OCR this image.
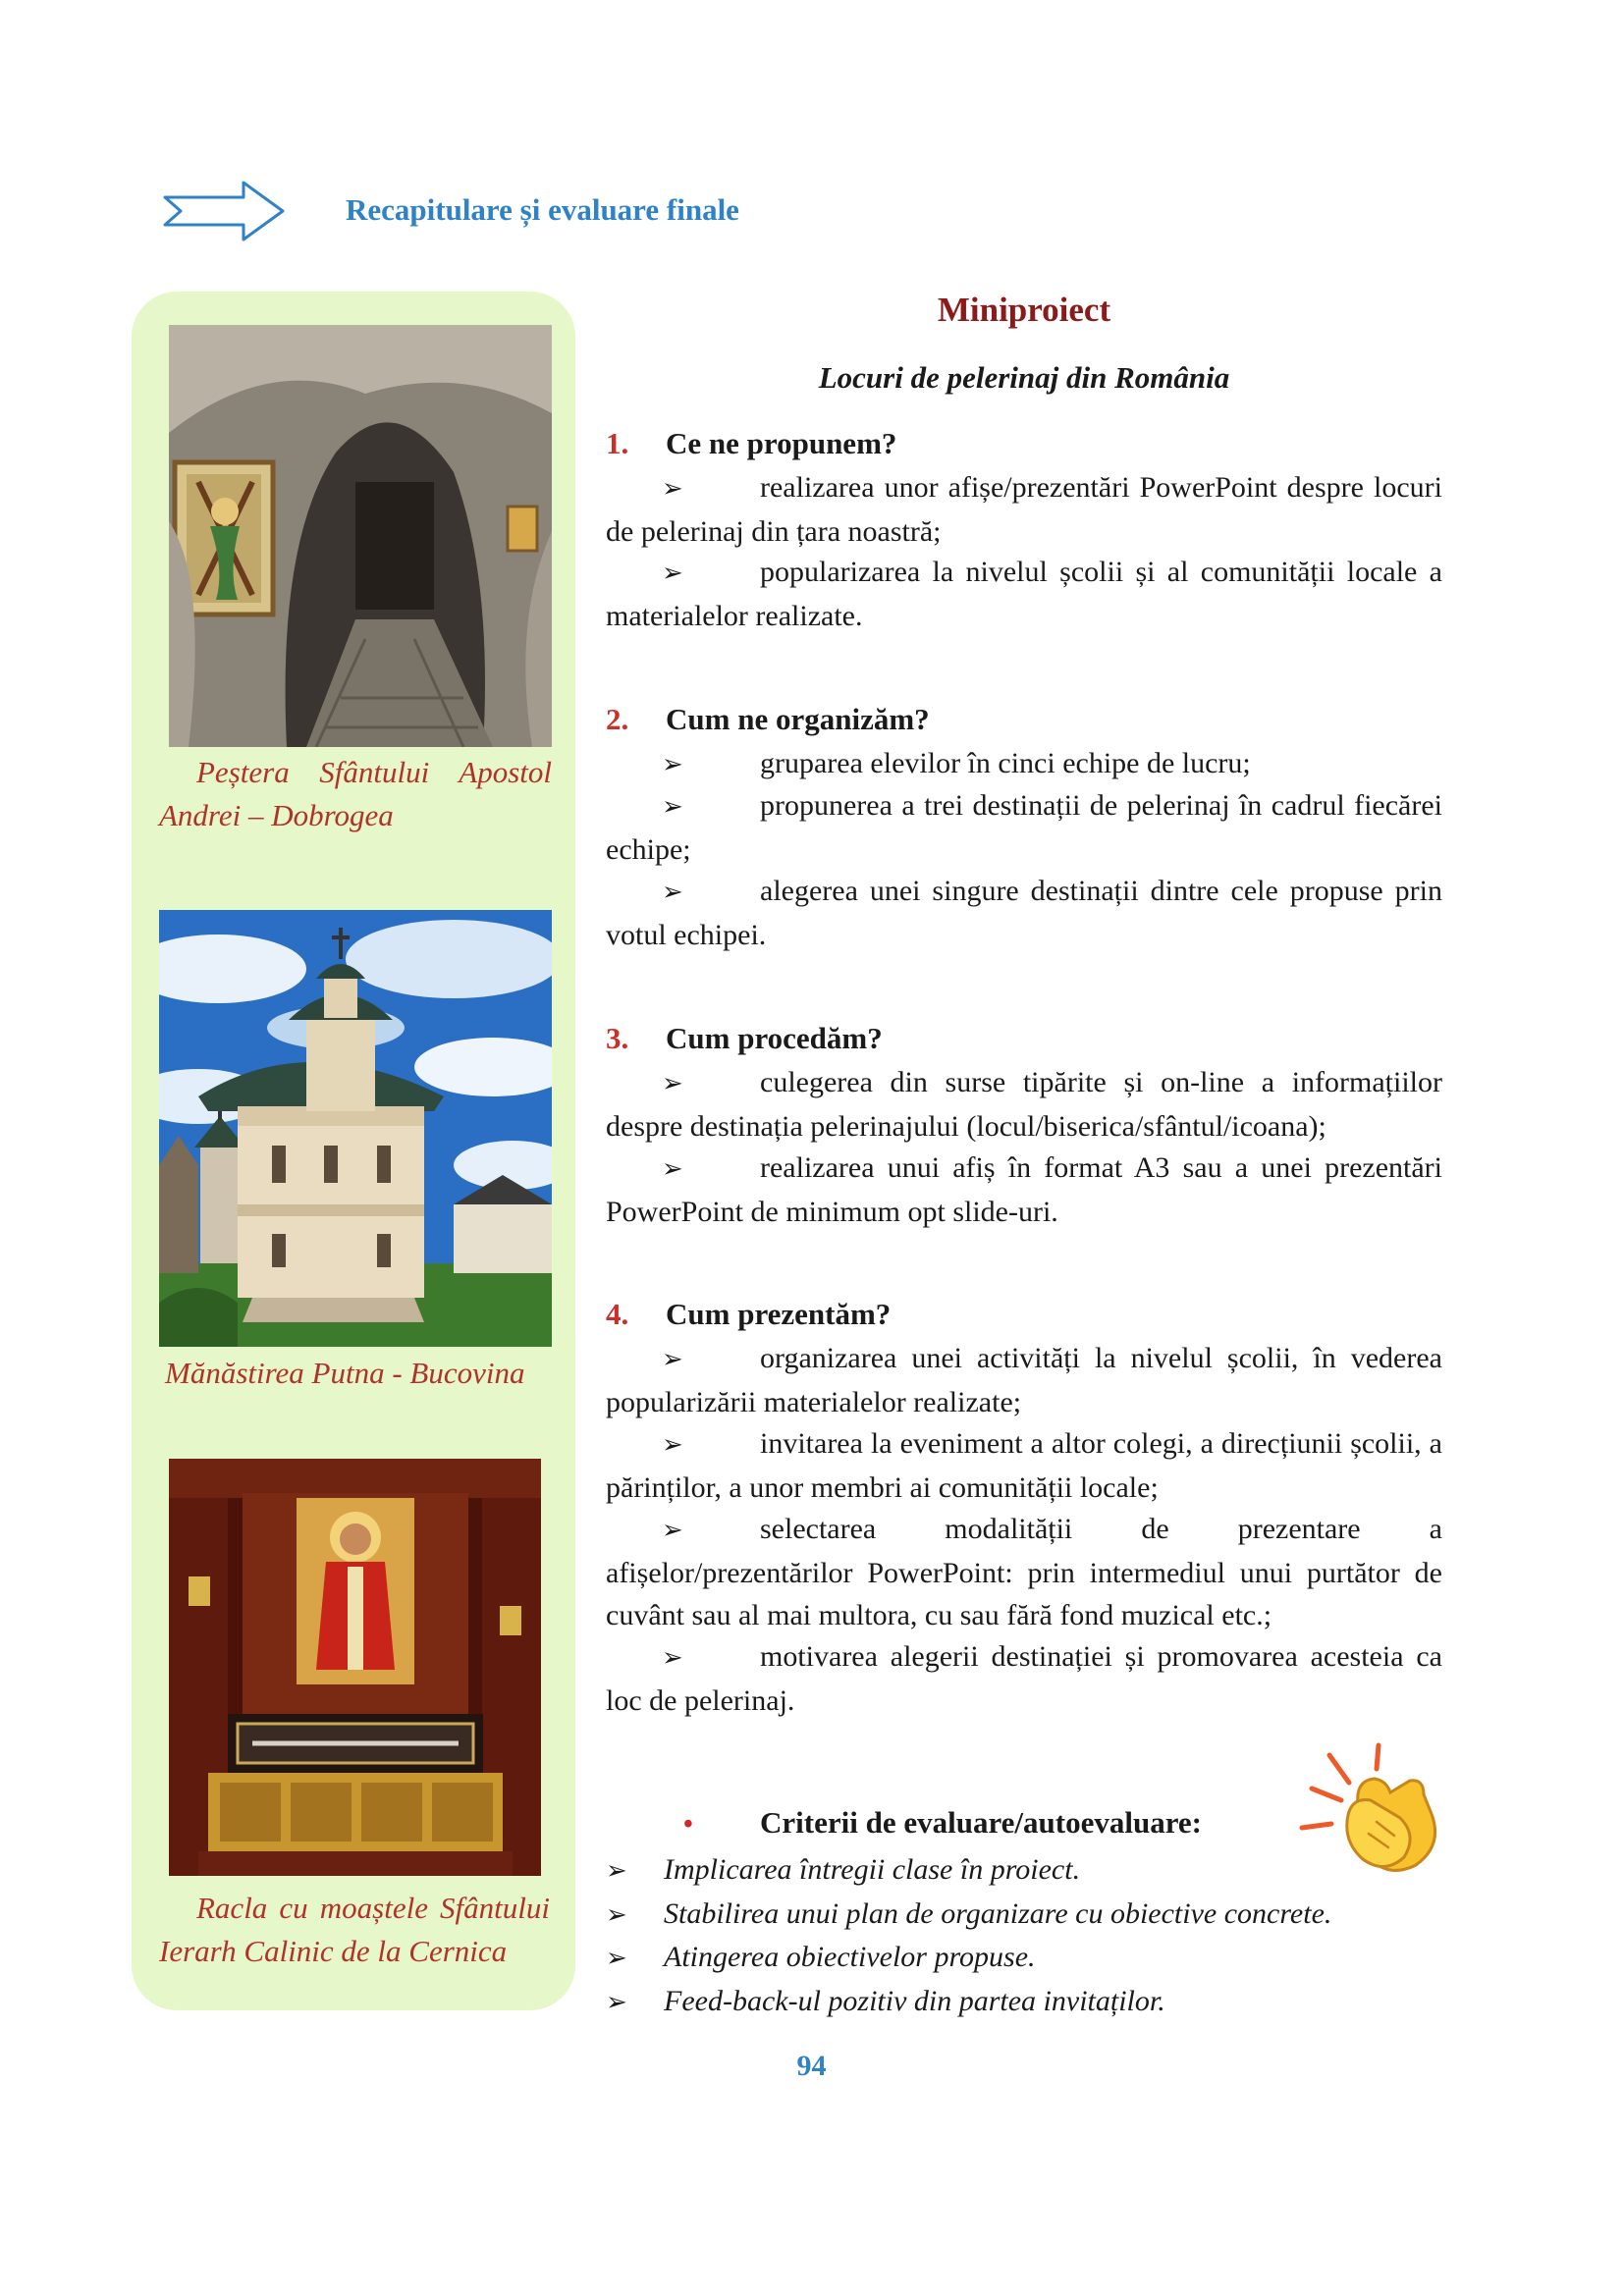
Recapitulare și evaluare finale
Peștera Sfântului Apostol Andrei – Dobrogea
Mănăstirea Putna - Bucovina
Racla cu moaștele Sfântului Ierarh Calinic de la Cernica
Miniproiect
Locuri de pelerinaj din România
1. Ce ne propunem?

➢	realizarea unor afișe/prezentări PowerPoint despre locuri de pelerinaj din țara noastră;

➢	popularizarea la nivelul școlii și al comunității locale a materialelor realizate.

2. Cum ne organizăm?

➢	gruparea elevilor în cinci echipe de lucru;

➢	propunerea a trei destinații de pelerinaj în cadrul fiecărei echipe;

➢	alegerea unei singure destinații dintre cele propuse prin votul echipei.

3. Cum procedăm?

➢	culegerea din surse tipărite și on-line a informațiilor despre destinația pelerinajului (locul/biserica/sfântul/icoana);

➢	realizarea unui afiș în format A3 sau a unei prezentări PowerPoint de minimum opt slide-uri.

4. Cum prezentăm?

➢	organizarea unei activități la nivelul școlii, în vederea popularizării materialelor realizate;

➢	invitarea la eveniment a altor colegi, a direcțiunii școlii, a părinților, a unor membri ai comunității locale;

➢	selectarea modalității de prezentare a afișelor/prezentărilor PowerPoint: prin intermediul unui purtător de cuvânt sau al mai multora, cu sau fără fond muzical etc.;

➢	motivarea alegerii destinației și promovarea acesteia ca loc de pelerinaj.

• Criterii de evaluare/autoevaluare:
➢ Implicarea întregii clase în proiect.
➢ Stabilirea unui plan de organizare cu obiective concrete.
➢ Atingerea obiectivelor propuse.
➢ Feed-back-ul pozitiv din partea invitaților.
94
